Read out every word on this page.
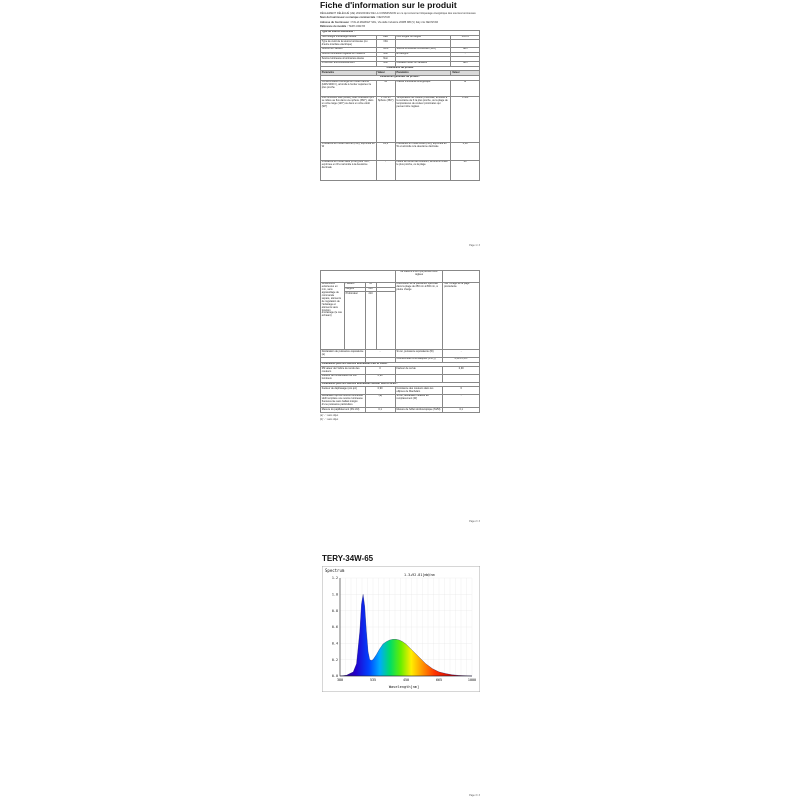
Fiche d'information sur le produit
RÈGLEMENT DÉLÉGUÉ (UE) 2023/2019/2 DE LA COMMISSION en ce qui concerne l'étiquetage énergétique des sources lumineuses
Nom du fournisseur ou marque commerciale : NEOSTAR
Adresse du fournisseur : ITALIA MARKET SRL, Via delle Industrie 20085 MB (V) Italy s'le NEOSTAR
Référence du modèle : TERY-34W-65
Type de source lumineuse :			
Technologie d'éclairage utilisée	LED	Non dirigée ou dirigée	FOCS
Type de culot de la source lumineuse (ou d'autre interface électrique)	N/A		
Source sur secteur	NCS	Source lumineuse connectée (SLC)	Non
Source lumineuse réglable en couleurs	Non	Enveloppe	-
Source lumineuse à luminance élevée	Non		
Protection anti-éblouissement	Non	Utilisation avec un variateur	Non
Paramètres du produit			
Paramètre	Valeur	Paramètre	Valeur
Paramètres généraux du produit :			
Consommation d'énergie en mode marche (kWh/1000 h), arrondie à l'entier supérieur le plus proche	34	Classe d'efficacité énergétique	E
Flux lumineux utile (Φuse), avec indication qu'il se réfère au flux dans une sphère (360°), dans un cône large (120°) ou dans un cône étroit (90°)	3 780 en Sphère (360°)	Température de couleur proximale, arrondie à la centaine de K la plus proche, ou la plage de températures de couleur proximales qui peuvent être réglées	6 500
Puissance en mode marche (Pon), exprimée en W	24,6	Puissance en mode veille (Psb), exprimée en W et arrondie à la deuxième décimale	0,00
Puissance en mode veille (Pnet) pour SLC, exprimée en W et arrondie à la deuxième décimale	-	Indice de rendu des couleurs, arrondi à l'entier le plus proche, ou la plage	80
Page 1 / 3
				de valeurs d'IRC qui peuvent être réglées	
Dimensions extérieures en mm, sans appareillage de commande séparé, éléments de régulation de l'éclairage et éléments sans fonction d'éclairage (le cas échéant)	Hauteur	35		Distribution de la puissance spectrale dans la plage de 250 nm à 800 nm, à pleine charge	Voir l'image de la page précédente
	Largeur	210			
	Profondeur	210			
Déclaration de puissance équivalente (a)		-		Si oui, puissance équivalente (W)	-
				Coordonnées chromatiques (x et y)	0,313 0,337
Paramètres pour les sources lumineuses LED et OLED :					
R9 valeur de l'indice de rendu des couleurs		0		Facteur de survie	0,90
Facteur de conservation du flux lumineux		0,90			
Paramètres pour les sources lumineuses secteur LED et OLED :					
Facteur de déphasage (cos φ1)		0,90		Constance des couleurs dans les ellipses de MacAdam	6
Déclaration qu'une source lumineuse LED remplace une source lumineuse fluorescente sans ballast intégré d'une puissance particulière		-(a)		Si oui, déclaration relative au remplacement (W)	-
Mesure du papillotement (Pst LM)		0,1		Mesure de l'effet stroboscopique (SVM)	0,1
(a) '-' : sans objet
(b) '-' : sans objet
Page 2 / 3
TERY-34W-65
Spectrum
1.3+92.81[mW/nm
0.0
0.2
0.4
0.6
0.8
1.0
1.2
380	535	450	665	1000
Wavelength[nm]
Page 3 / 3
